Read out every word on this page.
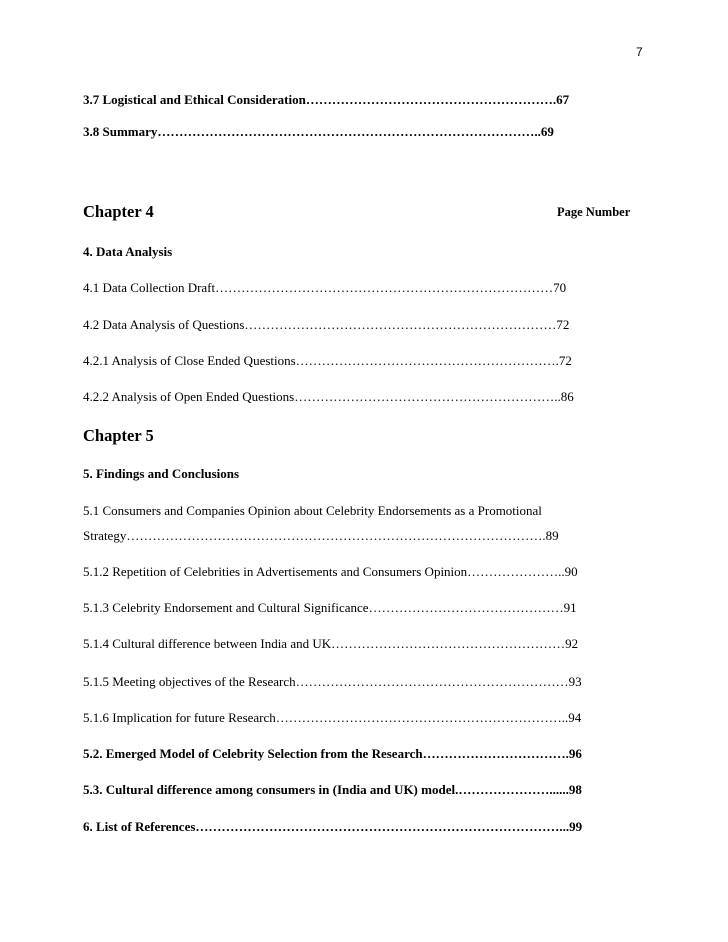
7
3.7 Logistical and Ethical Consideration………………………………………………….67
3.8 Summary……………………………………………………………………………..69
Chapter 4	Page Number
4. Data Analysis
4.1 Data Collection Draft……………………………………………………………………70
4.2 Data Analysis of Questions………………………………………………………………72
4.2.1 Analysis of Close Ended Questions…………………………………………………….72
4.2.2 Analysis of Open Ended Questions……………………………………………………..86
Chapter 5
5. Findings and Conclusions
5.1 Consumers and Companies Opinion about Celebrity Endorsements as a Promotional
Strategy…………………………………………………………………………………….89
5.1.2 Repetition of Celebrities in Advertisements and Consumers Opinion…………………..90
5.1.3 Celebrity Endorsement and Cultural Significance………………………………………91
5.1.4 Cultural difference between India and UK………………………………………………92
5.1.5 Meeting objectives of the Research………………………………………………………93
5.1.6 Implication for future Research…………………………………………………………..94
5.2. Emerged Model of Celebrity Selection from the Research…………………………….96
5.3. Cultural difference among consumers in (India and UK) model.…………………......98
6. List of References…………………………………………………………………………...99
